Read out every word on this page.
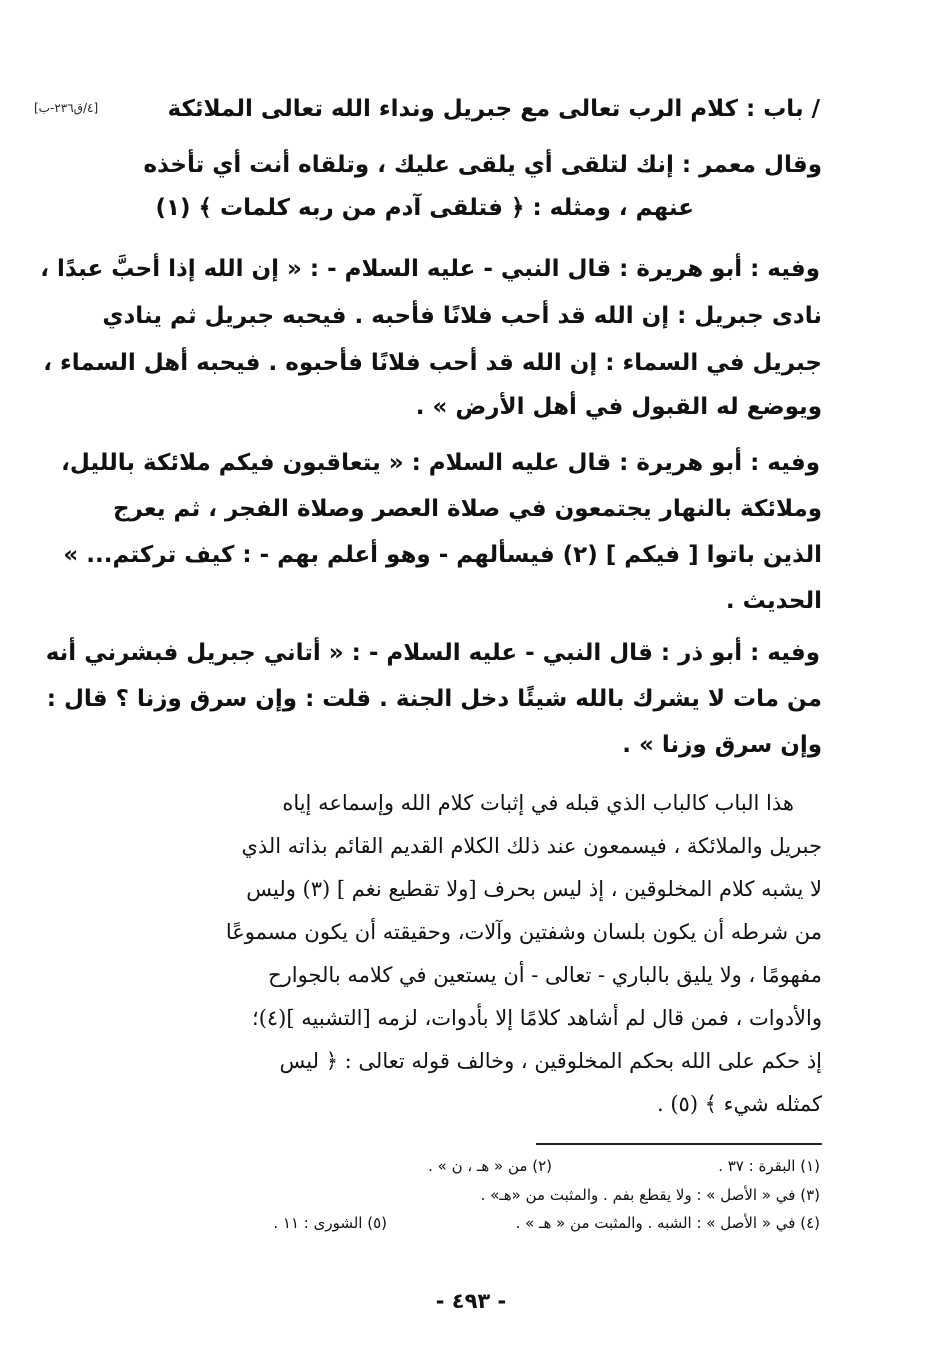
[٤/ق٢٣٦-ب]	/ باب : كلام الرب تعالى مع جبريل ونداء الله تعالى الملائكة
وقال معمر : إنك لتلقى أي يلقى عليك ، وتلقاه أنت أي تأخذه
عنهم ، ومثله : ﴿ فتلقى آدم من ربه كلمات ﴾ (١)
وفيه : أبو هريرة : قال النبي - عليه السلام - : « إن الله إذا أحبَّ عبدًا ،
نادى جبريل : إن الله قد أحب فلانًا فأحبه . فيحبه جبريل ثم ينادي
جبريل في السماء : إن الله قد أحب فلانًا فأحبوه . فيحبه أهل السماء ،
ويوضع له القبول في أهل الأرض » .
وفيه : أبو هريرة : قال عليه السلام : « يتعاقبون فيكم ملائكة بالليل،
وملائكة بالنهار يجتمعون في صلاة العصر وصلاة الفجر ، ثم يعرج
الذين باتوا [ فيكم ] (٢) فيسألهم - وهو أعلم بهم - : كيف تركتم... »
الحديث .
وفيه : أبو ذر : قال النبي - عليه السلام - : « أتاني جبريل فبشرني أنه
من مات لا يشرك بالله شيئًا دخل الجنة . قلت : وإن سرق وزنا ؟ قال :
وإن سرق وزنا » .
هذا الباب كالباب الذي قبله في إثبات كلام الله وإسماعه إياه
جبريل والملائكة ، فيسمعون عند ذلك الكلام القديم القائم بذاته الذي
لا يشبه كلام المخلوقين ، إذ ليس بحرف [ولا تقطيع نغم ] (٣) وليس
من شرطه أن يكون بلسان وشفتين وآلات، وحقيقته أن يكون مسموعًا
مفهومًا ، ولا يليق بالباري - تعالى - أن يستعين في كلامه بالجوارح
والأدوات ، فمن قال لم أشاهد كلامًا إلا بأدوات، لزمه [التشبيه ](٤)؛
إذ حكم على الله بحكم المخلوقين ، وخالف قوله تعالى : ﴿ ليس
كمثله شيء ﴾ (٥) .
(١) البقرة : ٣٧ .
(٢) من « هـ ، ن » .
(٣) في « الأصل » : ولا يقطع بفم . والمثبت من «هـ» .
(٤) في « الأصل » : الشبه . والمثبت من « هـ » .
(٥) الشورى : ١١ .
- ٤٩٣ -
